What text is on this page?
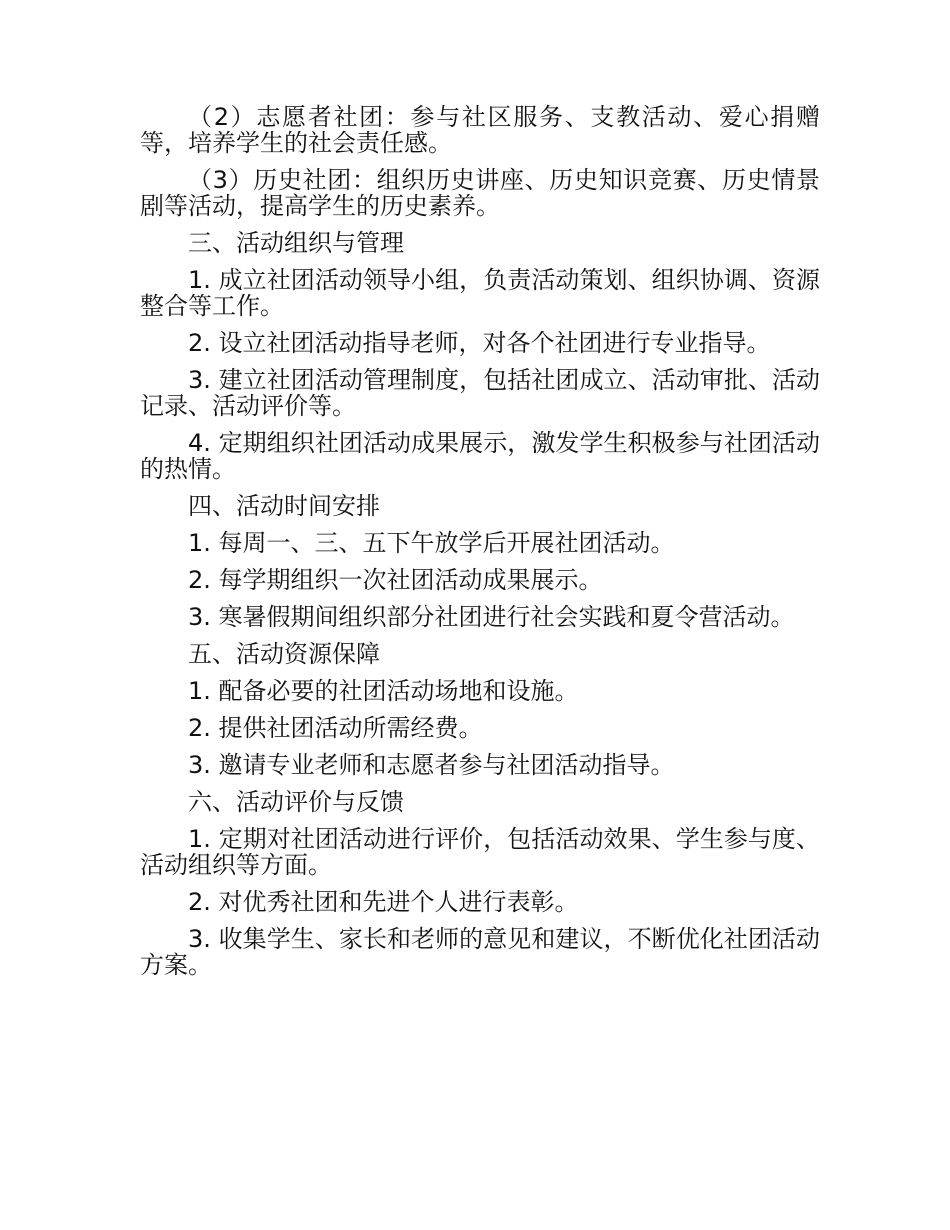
（2）志愿者社团：参与社区服务、支教活动、爱心捐赠等，培养学生的社会责任感。

（3）历史社团：组织历史讲座、历史知识竞赛、历史情景剧等活动，提高学生的历史素养。

三、活动组织与管理

1. 成立社团活动领导小组，负责活动策划、组织协调、资源整合等工作。

2. 设立社团活动指导老师，对各个社团进行专业指导。

3. 建立社团活动管理制度，包括社团成立、活动审批、活动记录、活动评价等。

4. 定期组织社团活动成果展示，激发学生积极参与社团活动的热情。

四、活动时间安排

1. 每周一、三、五下午放学后开展社团活动。

2. 每学期组织一次社团活动成果展示。

3. 寒暑假期间组织部分社团进行社会实践和夏令营活动。

五、活动资源保障

1. 配备必要的社团活动场地和设施。

2. 提供社团活动所需经费。

3. 邀请专业老师和志愿者参与社团活动指导。

六、活动评价与反馈

1. 定期对社团活动进行评价，包括活动效果、学生参与度、活动组织等方面。

2. 对优秀社团和先进个人进行表彰。

3. 收集学生、家长和老师的意见和建议，不断优化社团活动方案。
